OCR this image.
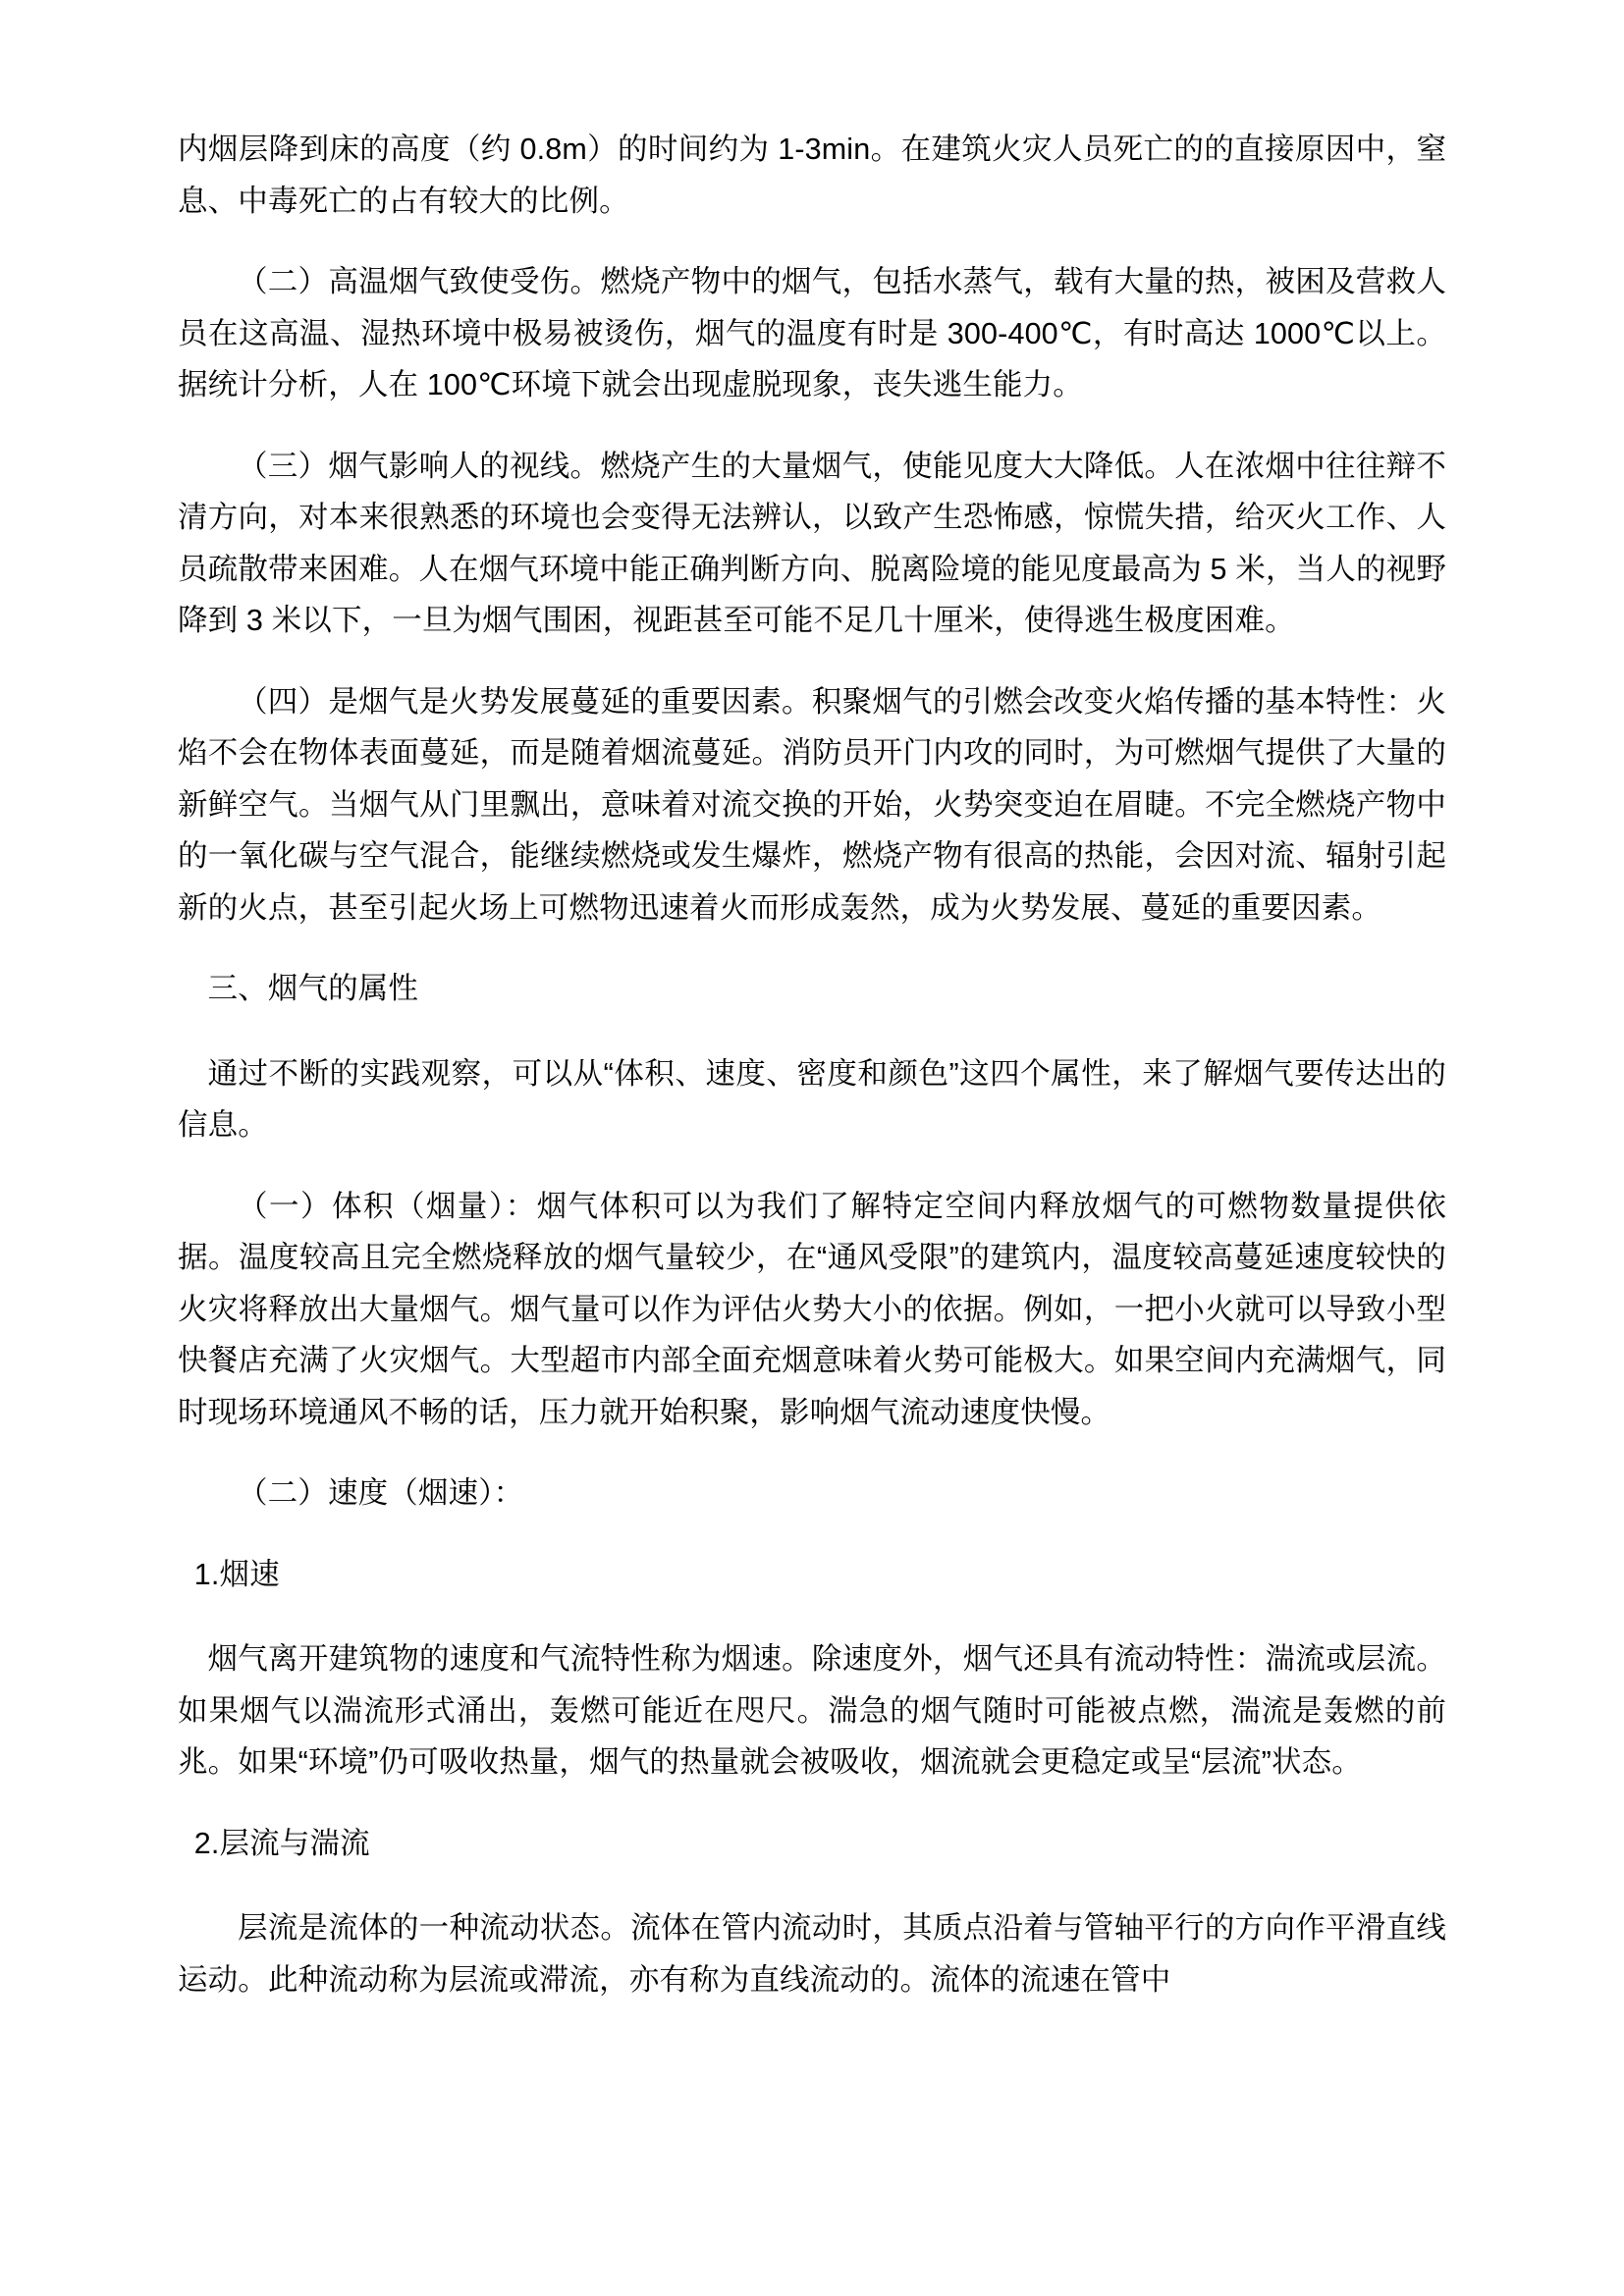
内烟层降到床的高度（约 0.8m）的时间约为 1-3min。在建筑火灾人员死亡的的直接原因中，窒息、中毒死亡的占有较大的比例。

（二）高温烟气致使受伤。燃烧产物中的烟气，包括水蒸气，载有大量的热，被困及营救人员在这高温、湿热环境中极易被烫伤，烟气的温度有时是 300-400℃，有时高达 1000℃以上。据统计分析，人在 100℃环境下就会出现虚脱现象，丧失逃生能力。

（三）烟气影响人的视线。燃烧产生的大量烟气，使能见度大大降低。人在浓烟中往往辩不清方向，对本来很熟悉的环境也会变得无法辨认，以致产生恐怖感，惊慌失措，给灭火工作、人员疏散带来困难。人在烟气环境中能正确判断方向、脱离险境的能见度最高为 5 米，当人的视野降到 3 米以下，一旦为烟气围困，视距甚至可能不足几十厘米，使得逃生极度困难。

（四）是烟气是火势发展蔓延的重要因素。积聚烟气的引燃会改变火焰传播的基本特性：火焰不会在物体表面蔓延，而是随着烟流蔓延。消防员开门内攻的同时，为可燃烟气提供了大量的新鲜空气。当烟气从门里飘出，意味着对流交换的开始，火势突变迫在眉睫。不完全燃烧产物中的一氧化碳与空气混合，能继续燃烧或发生爆炸，燃烧产物有很高的热能，会因对流、辐射引起新的火点，甚至引起火场上可燃物迅速着火而形成轰然，成为火势发展、蔓延的重要因素。

三、烟气的属性

通过不断的实践观察，可以从“体积、速度、密度和颜色”这四个属性，来了解烟气要传达出的信息。

（一）体积（烟量）：烟气体积可以为我们了解特定空间内释放烟气的可燃物数量提供依据。温度较高且完全燃烧释放的烟气量较少，在“通风受限”的建筑内，温度较高蔓延速度较快的火灾将释放出大量烟气。烟气量可以作为评估火势大小的依据。例如，一把小火就可以导致小型快餐店充满了火灾烟气。大型超市内部全面充烟意味着火势可能极大。如果空间内充满烟气，同时现场环境通风不畅的话，压力就开始积聚，影响烟气流动速度快慢。

（二）速度（烟速）：

1.烟速

烟气离开建筑物的速度和气流特性称为烟速。除速度外，烟气还具有流动特性：湍流或层流。如果烟气以湍流形式涌出，轰燃可能近在咫尺。湍急的烟气随时可能被点燃，湍流是轰燃的前兆。如果“环境”仍可吸收热量，烟气的热量就会被吸收，烟流就会更稳定或呈“层流”状态。

2.层流与湍流

层流是流体的一种流动状态。流体在管内流动时，其质点沿着与管轴平行的方向作平滑直线运动。此种流动称为层流或滞流，亦有称为直线流动的。流体的流速在管中
